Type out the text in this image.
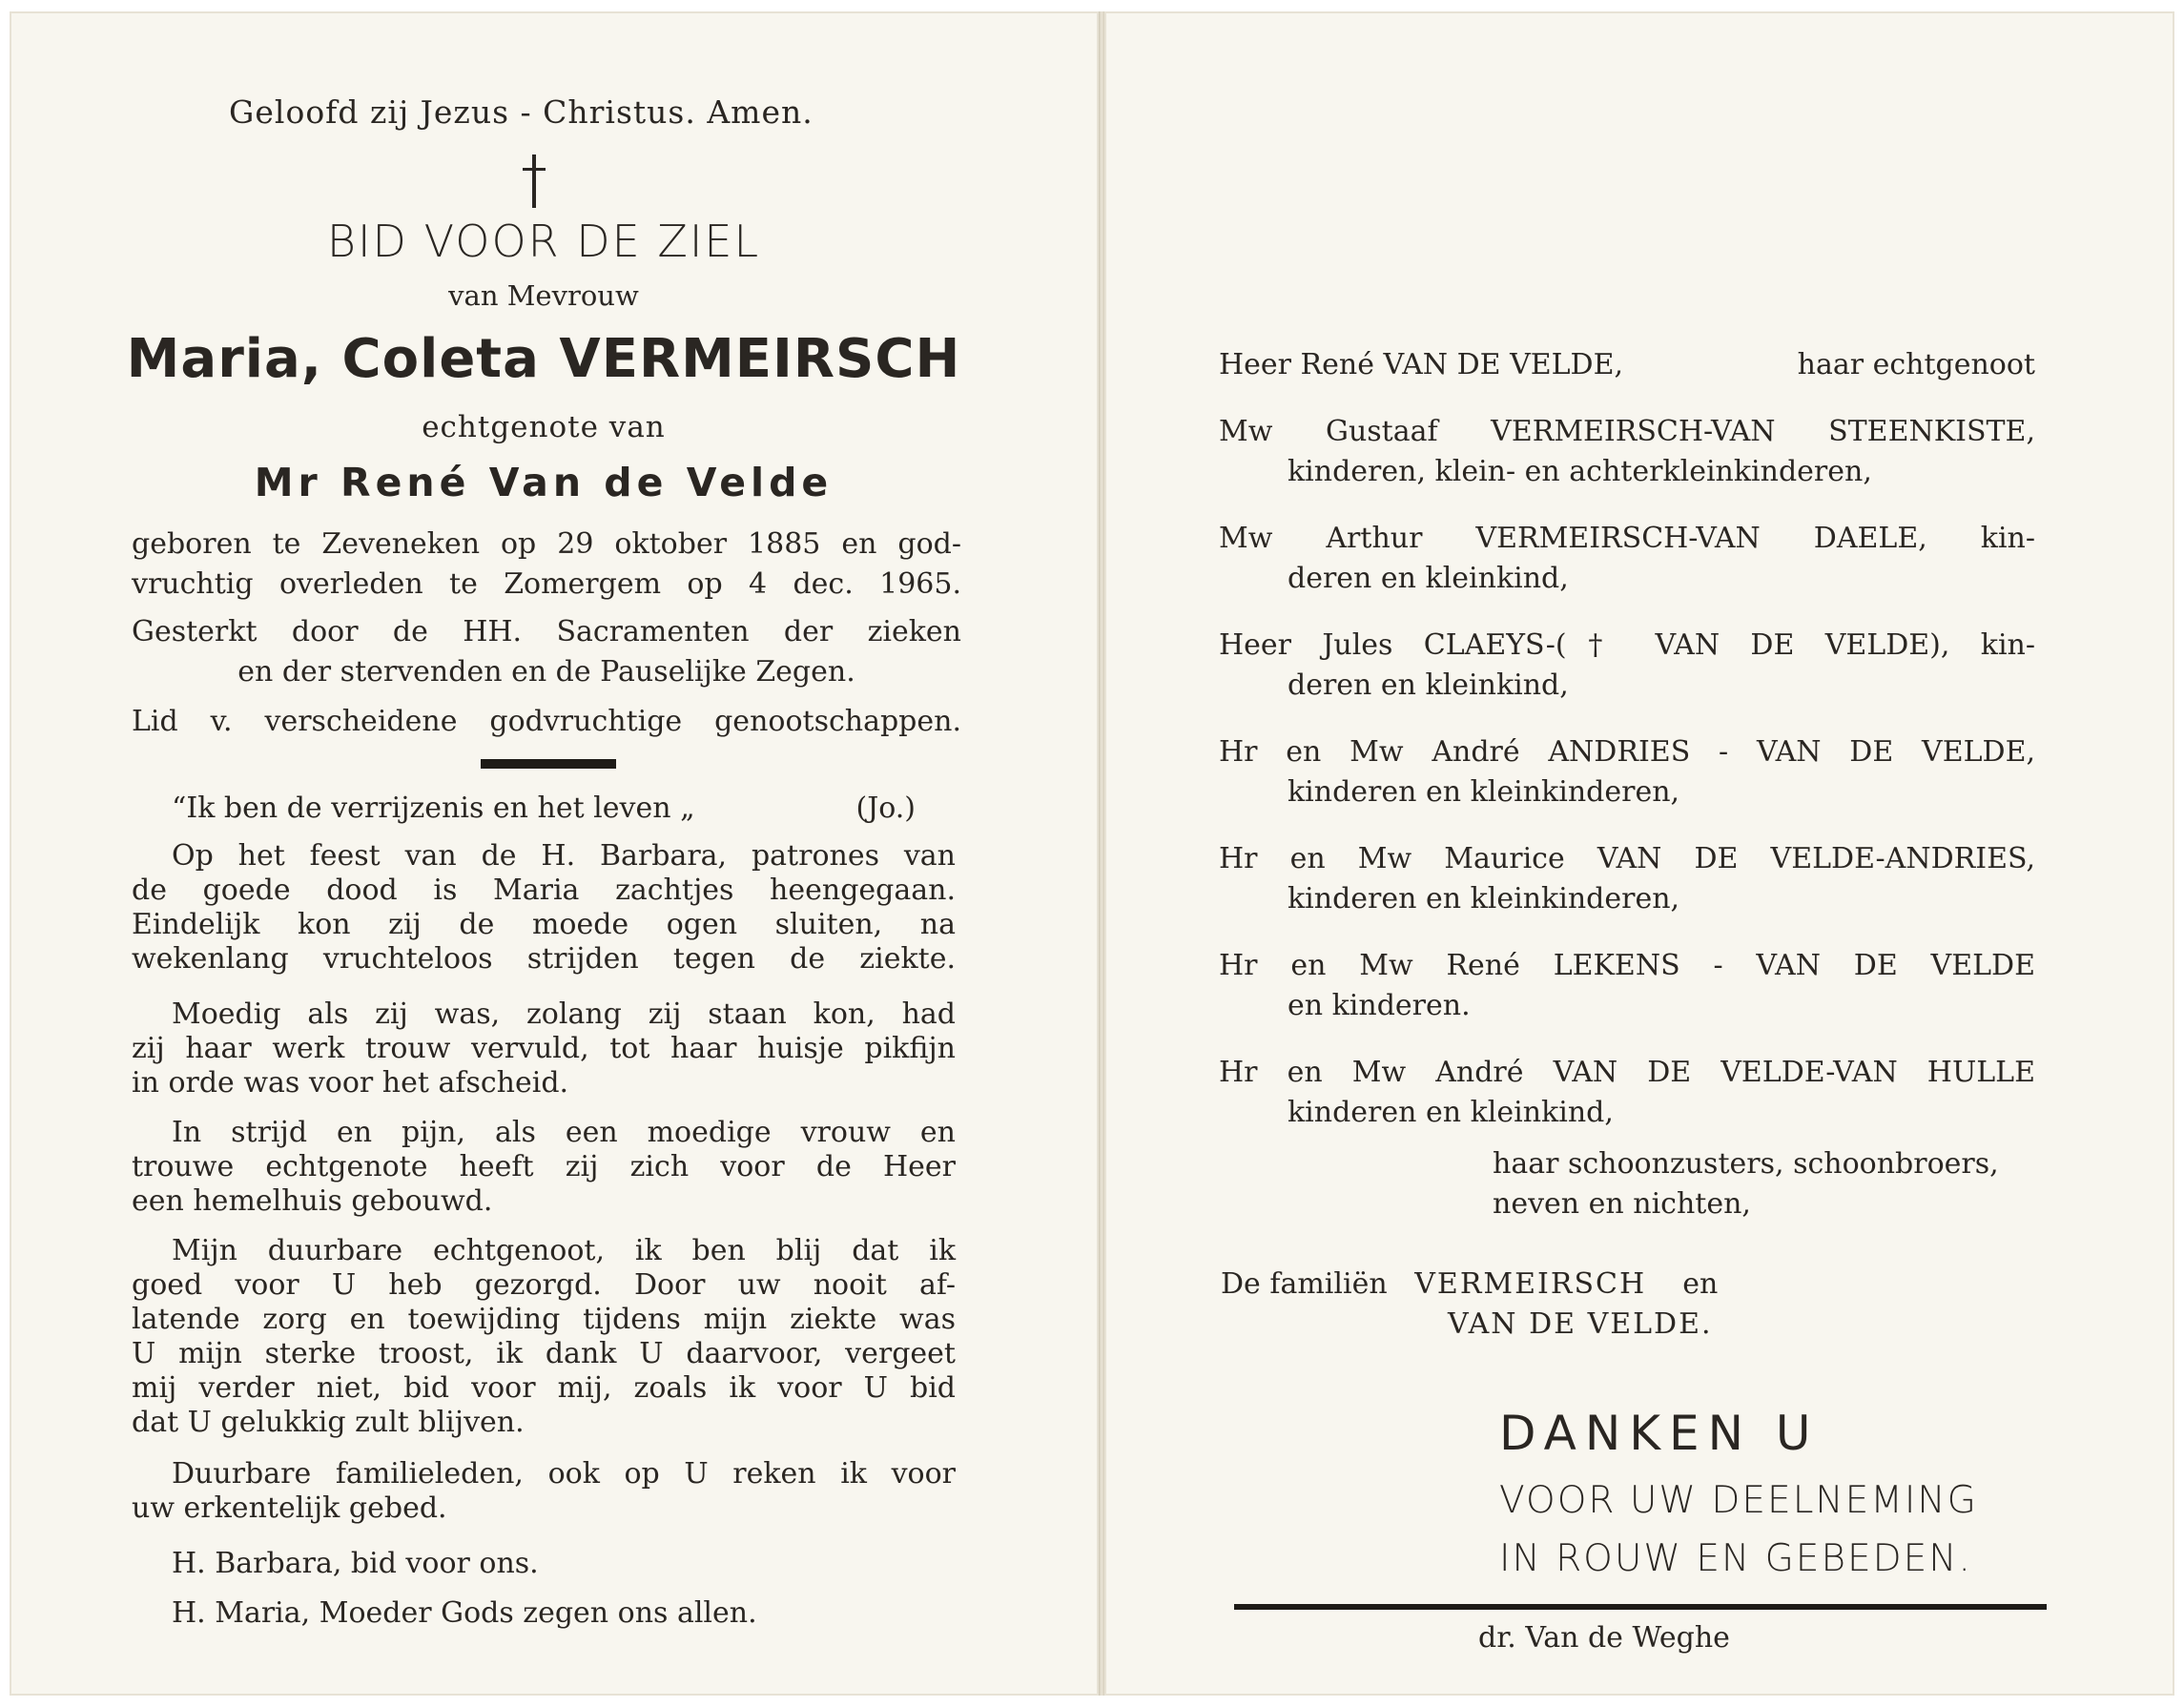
Geloofd zij Jezus - Christus. Amen.
BID VOOR DE ZIEL
van Mevrouw
Maria, Coleta VERMEIRSCH
echtgenote van
Mr René Van de Velde
geboren te Zeveneken op 29 oktober 1885 en god-
vruchtig overleden te Zomergem op 4 dec. 1965.
Gesterkt door de HH. Sacramenten der zieken
en der stervenden en de Pauselijke Zegen.
Lid v. verscheidene godvruchtige genootschappen.
“Ik ben de verrijzenis en het leven „	(Jo.)
Op het feest van de H. Barbara, patrones van
de goede dood is Maria zachtjes heengegaan.
Eindelijk kon zij de moede ogen sluiten, na
wekenlang vruchteloos strijden tegen de ziekte.
Moedig als zij was, zolang zij staan kon, had
zij haar werk trouw vervuld, tot haar huisje pikfijn
in orde was voor het afscheid.
In strijd en pijn, als een moedige vrouw en
trouwe echtgenote heeft zij zich voor de Heer
een hemelhuis gebouwd.
Mijn duurbare echtgenoot, ik ben blij dat ik
goed voor U heb gezorgd. Door uw nooit af-
latende zorg en toewijding tijdens mijn ziekte was
U mijn sterke troost, ik dank U daarvoor, vergeet
mij verder niet, bid voor mij, zoals ik voor U bid
dat U gelukkig zult blijven.
Duurbare familieleden, ook op U reken ik voor
uw erkentelijk gebed.
H. Barbara, bid voor ons.
H. Maria, Moeder Gods zegen ons allen.
Heer René VAN DE VELDE,	haar echtgenoot
Mw Gustaaf VERMEIRSCH-VAN STEENKISTE,
kinderen, klein- en achterkleinkinderen,
Mw Arthur VERMEIRSCH-VAN DAELE, kin-
deren en kleinkind,
Heer Jules CLAEYS-(† VAN DE VELDE), kin-
deren en kleinkind,
Hr en Mw André ANDRIES - VAN DE VELDE,
kinderen en kleinkinderen,
Hr en Mw Maurice VAN DE VELDE-ANDRIES,
kinderen en kleinkinderen,
Hr en Mw René LEKENS - VAN DE VELDE
en kinderen.
Hr en Mw André VAN DE VELDE-VAN HULLE
kinderen en kleinkind,
haar schoonzusters, schoonbroers,
neven en nichten,
De familiën VERMEIRSCH en
VAN DE VELDE.
DANKEN U
VOOR UW DEELNEMING
IN ROUW EN GEBEDEN.
dr. Van de Weghe
